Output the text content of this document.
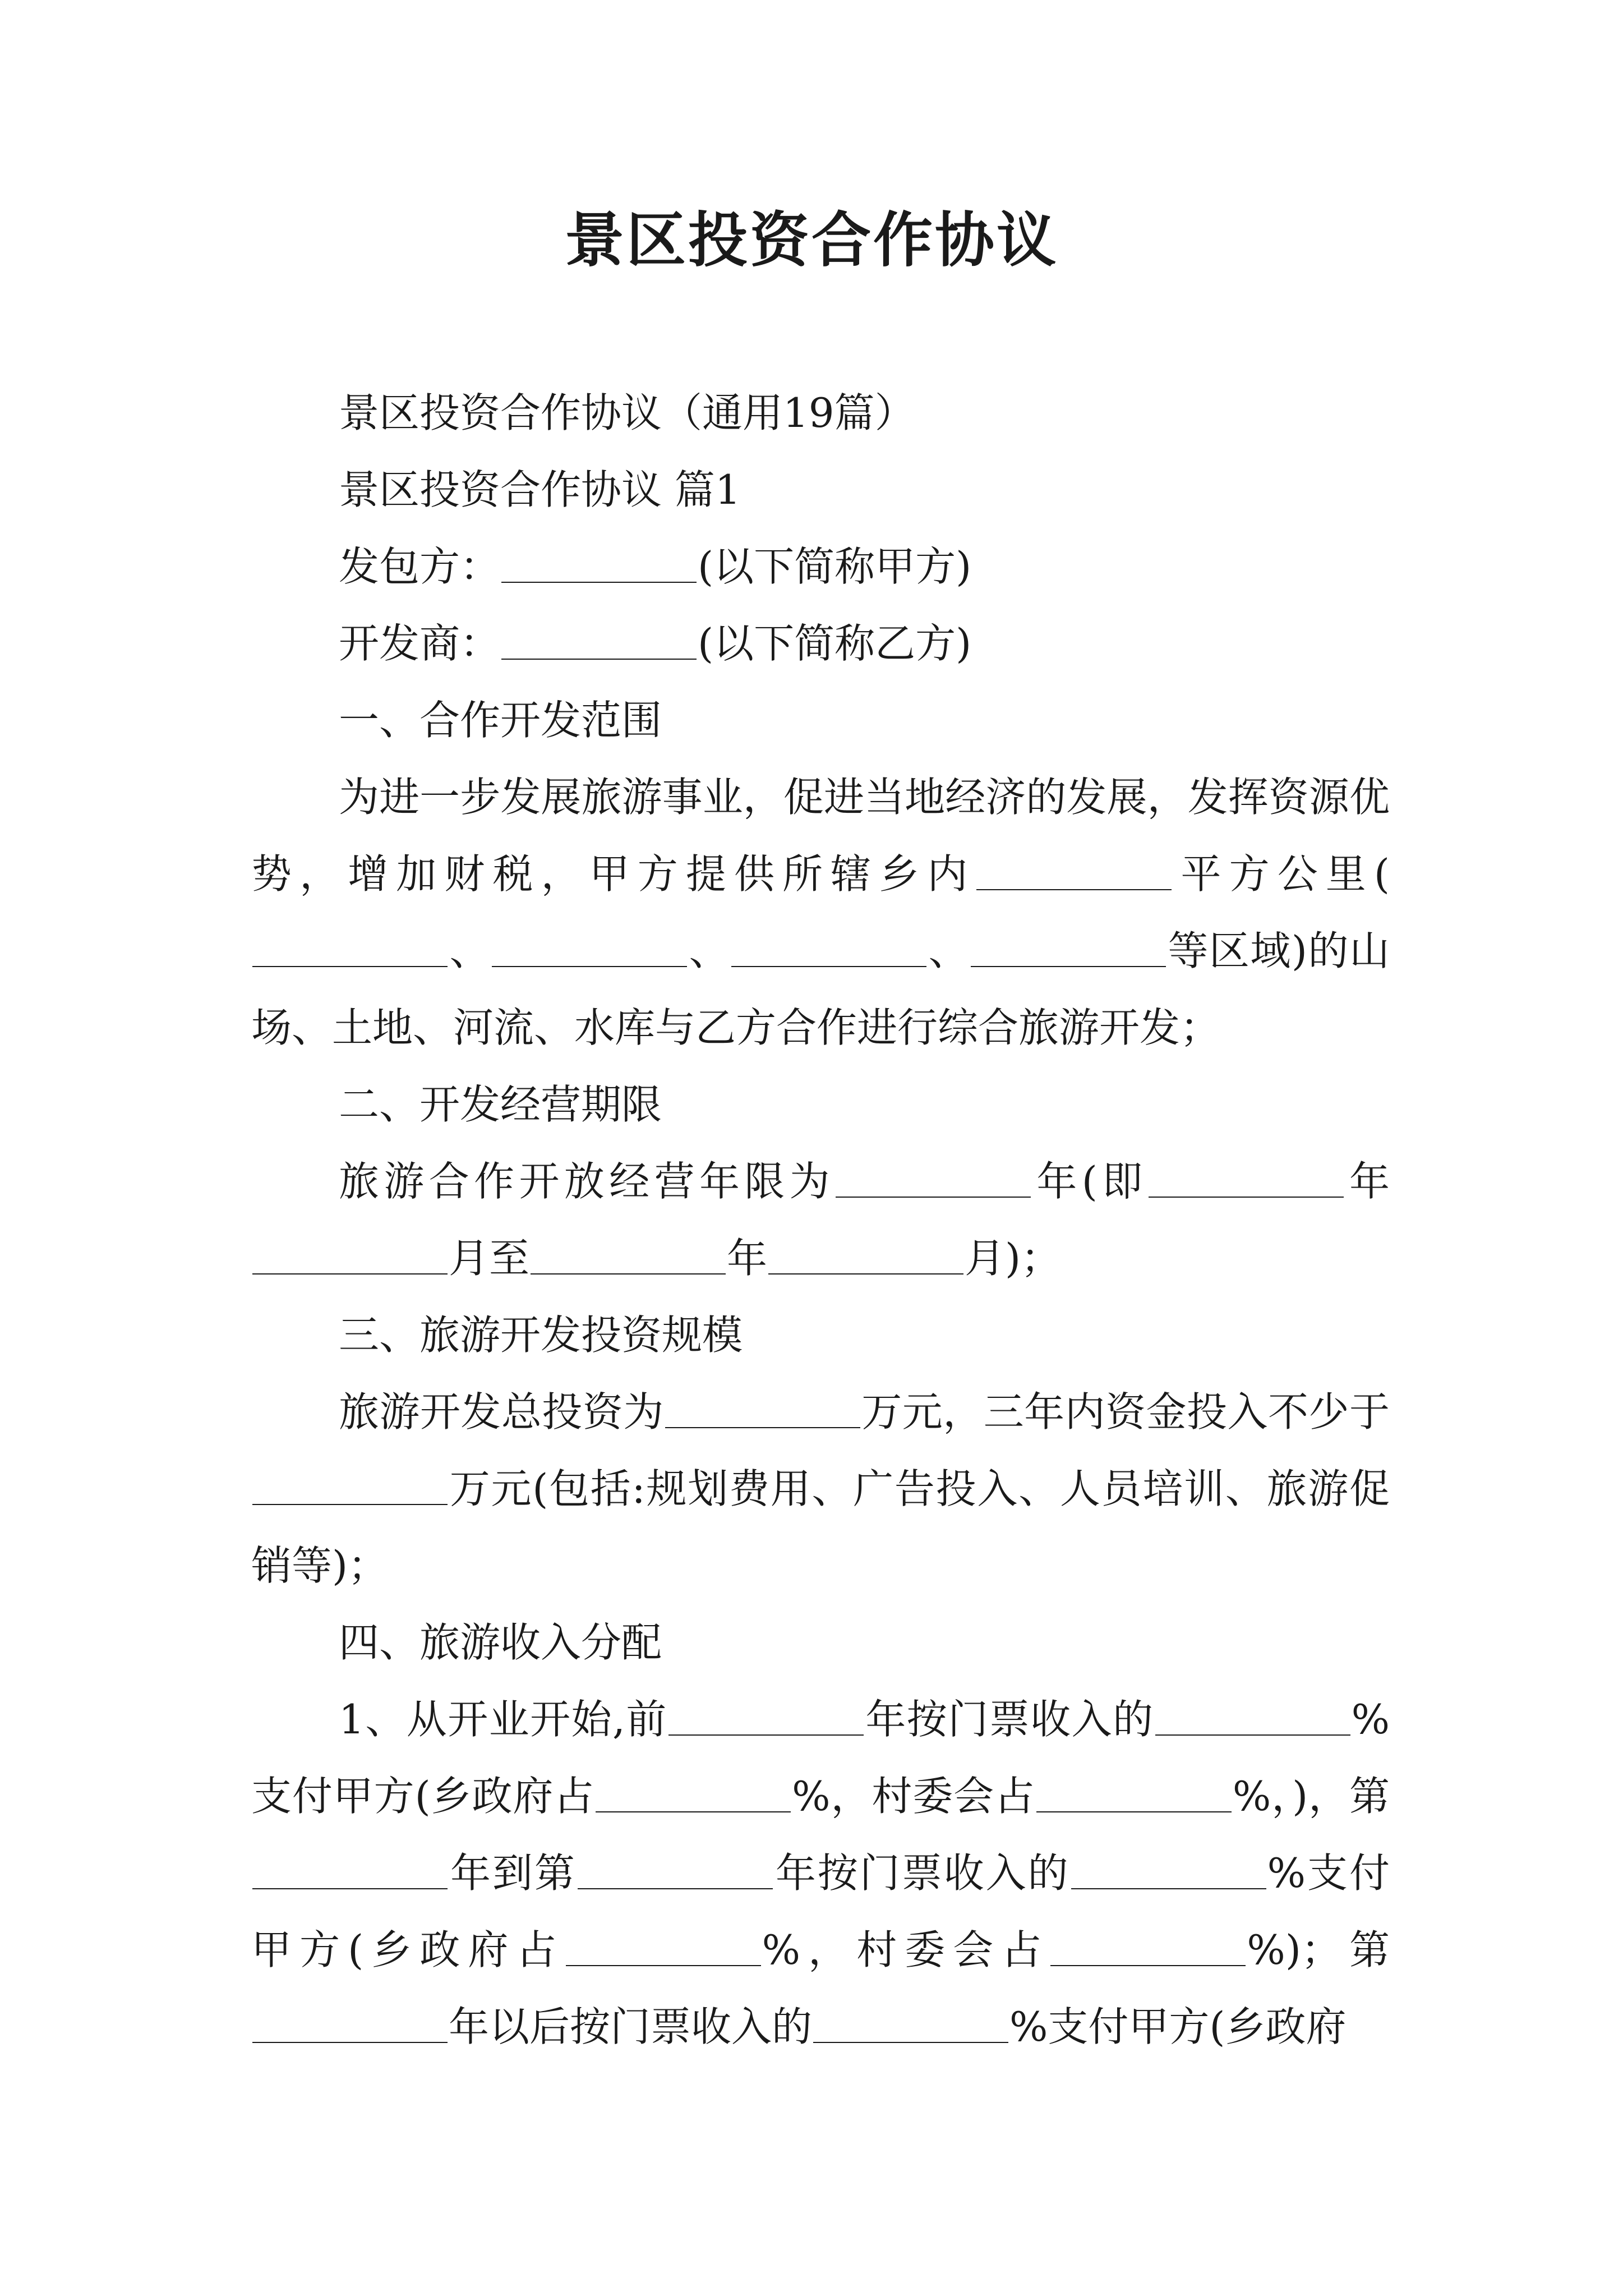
景区投资合作协议

景区投资合作协议（通用19篇）

景区投资合作协议 篇1

发包方：	(以下简称甲方)

开发商：	(以下简称乙方)

一、合作开发范围

为进一步发展旅游事业，促进当地经济的发展，发挥资源优势，增加财税，甲方提供所辖乡内	平方公里(、	、	、	等区域)的山场、土地、河流、水库与乙方合作进行综合旅游开发；

二、开发经营期限

旅游合作开放经营年限为	年(即	年月至	年	月)；

三、旅游开发投资规模

旅游开发总投资为	万元，三年内资金投入不少于万元(包括:规划费用、广告投入、人员培训、旅游促销等)；

四、旅游收入分配

1、从开业开始,前	年按门票收入的	%支付甲方(乡政府占	%，村委会占	%，)，第年到第	年按门票收入的	%支付甲方(乡政府占	%，村委会占	%)；第年以后按门票收入的	%支付甲方(乡政府
